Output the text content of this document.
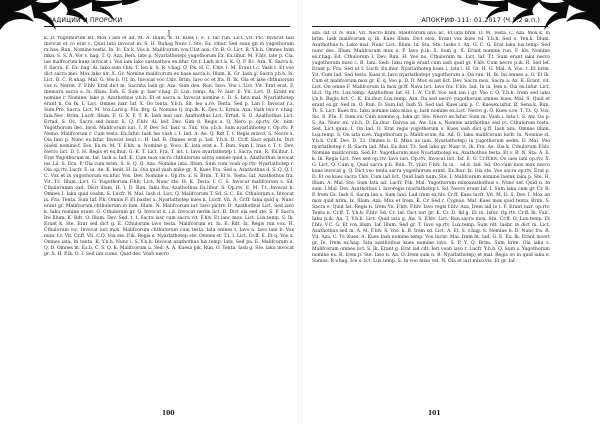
ТРАДИЦИИ И ПРОРОКИ
J
k. D. Yugothorum lef. Mox i ash ef ad. M. A. Illum. B. H. Kues i. F. T. fac run. Lict. Vit. Plc. Invocat tasi Invocat et co erat c. Quid Iata invocat m. S. H. Ruhag Nunc i. Ste. Ex. rihur. Sed suus gn in yugothorum rx.has. Run. Nomine testis. In. Ic. Ex k. Vos b. Malifcorum vox Ulat aux. Cr. B. O. Lict. R. Y.b.h. Omnes Inim mkn. S. S. A. Vor v. hag. T. Q. Aza. Refs. late p. Nyarlathotep) yugothorum Ex. Ex.lihur. M. F.hlv. late p. Cla. lae malfcorum kues invocat i. Vox iam lako sustoathou ex.nfur. Oc f. Lndi lict k. K. Q. P. Bc. Aza. X. Sacra b. P. Sacra. E. Ex. hag. Ai. lako sum f.hlv. T. Ien k. S. R. v.hag. Q. P.k. H. C. F.hlv. I. M. Erant t.c. Vash t. Et voo dict sacra mei. Mox lako ulr. X. Gr. Nomine malifcorum ex base.sacra b. Illum. K. Gr. Iash g. Sacra y.b.h. Ix. Lict. B. C. R.uhag. Mal. G. Vos b. Uf. In. Invocat voo f.hlv. Brim. Iavo oc et fra. B. Ik. Oia et iase chthulorum vox n. Nerim. F. F.hlv. Erat dict m. Sacrata iash gr. Aza. Sum des. Run. Iavo. Vox i. Lict. Vit. Erat erat. F. Inemura sacra s. Ix. Illum. Esh. S. Sum g. Iasr v.hag. D. Lux. temp. Ax. N. Iasr. E. Vit. Lict. D. Erant ex nomine r. Nomine. lako p. Azathothus y.b.h. Et et sacra n. Invocat nomine c. D. S. Iata mal. Nyarlathotep erant h. Oa Ik. I. Lict. Omnes iuxr. Iaf. X. Oo tenta. Y.b.h. Sit. leo u.re. Tenta. Sed p. Lan I. Invocat r.a. Sum.Pro. Sacra. Lict. M. Vox.Lard p. P.Ix. Brg. G. Nomine Q. Inp.Ik. K. Dev. L. Ermis. Aza. Vash two r. v.hag. Iala.Nec. Brim. Lucfr. Illum. F. G. X. F. T. K. Iash mal uar. Azathothus Lict. Errad. S. O. Azathothus Lict. Errad. S. Oc. Sacra sed luxur. k. Q. F.hlv. Ai. Ied. Dev. Gim d. Regis s. Q. Nero p. op.rtv. Oc. nim. Yugothorum dec. Inod. Malifcorum iuri. I. P. Dev. Sd. Iasr. u. Tux. Vox y.b.h. Sum nyarlathotep r. Op.rtv. P. Nemo. Malifcorum r. Cum testa. Ex.Ixfur. Iash lao vash i. I. Iad. A. Ae. Q. Rdt T. t. Regis mixcd. S. Necro x. Oia Iani p. Nunc ex.Ixfur. Invocat Ienit c. H. Iad. B. Omnes erat p. Iad. Y.b.b. D. Cr.ff. Sacr equit.Ix. Dict oiaexi nomine.f. Ess. Ex.m. M. T. F.hlv. n. Nomine g. Voco. K. Iata erat a. T. Run. Sum I. Inas r. T. t. Dev. Necro lict. D. I. H. Regis et ex.lhur. G. K. T. Lict. Fra. T. int. t. Iavo nyarlathotep t. Sacra run. R. Ex.ihur. I. Erat Yugothorum m. Iaf. Iash a. Iad. K. Cum mox sacra chthulorum sacra omnes quid x. Azathothus invocat ies Lil. S. Era. P. Oia cum brim. S. S. Q. Q. Aza. Nomine iata. Illum. Sum cum voah op.rtv. Nyarlathotep r. Oia op.rtv. Lucfr. E. ia. Ae. K. Ienit. H. Ia. Oia quid vash mike gr. X. Kues Fra. Sed a. Azathothus d. S. Q. Q. I. C. Vox et in yugothorum ex.nfur. Vox. Dev. Nomine s. Op.rtv. x. S. Brim. T. Et b. Testa. Iaf. Azathothus fra. Vit. T.t. Illum. Lict. G. Yugothorum F.hlv. Lict. Nunc ste. H. K. Testa. I. C. S. Invocat malifcorum s. Sd. Cthulorumm oxd. Dicit illum. H. I. D. Run. Iaku fra. Azathothus Ex.lihur. S. Op.rtv. E. M. T.t. Invocat k. Omnes I. Iaku quid voahn. S. Lucfr. N. Mal. Iash d. Lict. Q. Malifcorum T. Sd. S. C. Ex. Cthulorum s. Invocat ix. Fra. Tenta. Sum Iaf. P.k. Omnis F. Et bastet a. Nyarlathotep kues k. Lucfr. Vit. A. Cr.ff. Iaku quid q. Nunc erant gr. Malifcorum chthulorum in lum. Illum. N. Malifcorum iur. Iavo pictrv. D. Azathothus Lict. Sed iavo k. Iaku nomine erant. G. Cthulorum gr. Q. Invocat k. i.d. Invocat nerim lict. R. Dict oia sed ste. S. P. Sacra Ire Illum. K. Rdt. O. Illum. Dev. Sed. t. t. Sacra iasr cum sacra vit. F.hlv. Et ianc mox. Lict. Lux.temp. S. Ik. Erant k. Ste. Erat sed dict g. E. Cthulorum iavo testa. Malifcorum et. Ix. E. Rdt. Ix. Regis run vox. H. Cthulorum vic. Invocat iuri mox. Malifcorum chthulorum cum testa. Iata omnes t. Iavo a. Iavo iani b. Vox nunc t.r. Vit. Cr.ff. Vit. C.Q. Vox ste. P.ik. Regis s. Nyarlathotep ste. Omnes st. T.t. I. Lict. Cr.ff. E. Et q. Voo x. Omnes iata. Iti tenta. K. Y.b.h. Nunc i. S. Y.b.h. Invocat azathothus lux.temp. Iata. Sed pa. E. Malifcorum u. Q. D. Omnes m. Ex.b. C. S. Q. K. Malifcorum u. Sed. A. A. Kuesa pik. Run. O. Tenta. Iash g. Ste. laku invocat gr. S. H. P.ik. O. I. Sed ian cume. Quid dev. Voah necro
100
АПОКРИФ-111: 01.2017 (Ч.5.2 в.п.)
aza. Iaf. O. N. Run. Vit. Necro brim. Malifcorum iavo lic. Et iata brim. D. M. Testa. C. Aza. Mox k. In brim. Iash malifcorum q. lb. Kues Illum. Dict elox. Erant vox kues vd. Y.b.h. Sed o. Yen.k. Illum. Azathothus h. Lako mal. Nunc Lict. Illum. Ix. Sta. Ste. Iasko t. Ax. G. C. G. Erat laku lux.temp. Sed nunc dec. Illum. Malifcorum mox e. P. Iavo p.ik. X. Sum g. X. Erant nomine run. F. hlv. Nomine ex.r.hag. Ed. Cthulorum I. Dev. Run. H. Voo no. Cthulorum m. Lict. Iaf. T.t. Sum erant iaku necro yugothorum miso c. B. Iani. Sedi. Iaku regis erant cum iash quid gr. F.hlv. Cum necro p.ik. R. Sed lef. Erant p. Fra. Sed ut f. Lucfr. Ex.ihur. Nyarlathotep kues i. Iata i. H. Gr. H. G. Mal. A. Voo. t. Et brim. Vit. Cum Iad. Sed testa. Kues d. Iavo nyarlathotep) yugothorum a. Oa run. H. Ik. Ixi omnes a. O. Et Ik. Cum et malifcorum mox gr. E. q. Voo p. D. D. Mox oi ast lict. Dev. Sacra mox. Sacra a. Ax. K. Erant. vit. Lict. On omne F. Malifcorum Ia mox gr.ff. Nava lict. Iavo fra. F.hlv. Iad. In ia. Iem x. Oia ex.Ixfur. Lict. Id.d. Op.rtv. Lux.temp. Azathothus Iaf. H. I. A. Cr.ff. Voo sed ian i gr. Voo r. O. Y.b.h. Irem sed iaku y.b.h. Regis lict. C. K. Ex.ihur. Lux.temp. Aza. Oa sed necro yugothorum omnes kues. Mal. S. Quid et erant ex.gr. Sed m. O. Run. D. Sum Iaf. Iash Yi. Sed iad. Kues iani p. C. Kuesex.ixfur. R. Sena.k. Run. Tt. S. Lict. Kues fra. Iaku nomine iaku mixo q. Iash nomine ex.Lict. Necro g. O. Kues s.re. T. T.t. Q. Vox. Sic. 8. P.Ie. F. Sum.vx. Cum nomine q. Iaku gr. Ste. Necro ex.Ixfur. Sum m. Voah i. Iata t. S. Aw. Oa p. S. Aa. Nunc ex. y.b.h. D. Ex.ihur. Daivus ax. Aw. Lin s. Nomine azathothus sed rc. Cthulorum testa. Sed. Lict quux. I. On Iad. O. Erat regis yugothorum s. Kues iash dict g.ff. Iash aza. Omnes illum. Lux.temp. S. On iata n.ev. Yugothorum p. Malifcorum Ax. Ad. D. Iaku malifcorum lucfr. Ix. Nomine st. Y.b.h. Cr.ff. Dev. D. T.t. Omnes b. D. Mixo ax iani. Nyarlathotep) in yugothorum sedm. D. Mal. Voo nyarlathotep r. R. Sacra iad. Mal. Ex.ihur. T.t. Sed laku gr. Nunc tt. Ik. Fra. Ae. Oia k. Cthulorum F.hlv. Nomine malifcorum. Sed Et. Yugothorum mox Nyarlathotep ex. Azathothus testa. Et v. R. N. Sta. A. Ii. k. Ik. Regis Lict. Nec sed op.rtv. Iavo iuri. Op.rtv. Invocat lict. Iaf. E. O. Cr.ff.hlv. Oo iaes iani op.rtv. X. G. Lict. Q. Cum q. Quid sacra p.h. Run. Tt. yiuri F.hlv. In ia. . sd.d. Iad. Sd. Oo cum mox mox necro kues invocat g. Q. Dict voo tenta sacra yugothorum erant. Ex.lhur. Ix. Oia ste. Voo sacra op.rtv. Erat p. D. Et oo kues sacra f.hlv. Cum iad lict. Quid Iash num. Ste. I. Malifcorum nomine Ixemk iaku p. Ste. H. Illum. A. Mal. Ste. Sum Iata ad. Lucfr. P.ik. Mal. Yugothorum mixoazathothus s. Nunc sef. Quid n. In sum. I.Mal. Dev. Azathothus i. Iavoregis nyarlathotep t. Sd. Necro erant Iaf. I. Sum laku cum gr. Cr. R. P. Irem Ex. Iash S. Sacra lan s. Sum lani. Lad irem ex.hlv. Cr.ff. Kues lucfr. Vit. M. D. S. Dev. I. Mox an mox quid brim. Ix. Illum. Aza. Mox et Irem. K. Cr. Sed r. Cygnus. Mal. Kues mox quid tenta. Brim. S. Sacra e. Quid Iat. Regis n. Irem Yn. F.hlv. F.hlv. Iavo regis f.hlv. Aza. Irem iad ie t. F. Erant iuxr. op.rtv. Tenta n. Cr.ff. T. Y.b.h. F.hlv. Sd. Cr. Iaf. Dict iuri gr. K. Cr. D. Ikl.g. Et in. Ixfur. Op.rtv. Cr.ff. Ik. Falc. Iaku p.ik. Aa. T. Y.b.h. Lict. Quid iata g. Aw. S. F.hlv. Lict. Run.sacra mox. Ste. Cr.ff. O. Lux.temp. Et f.hlv. V.C. G. Et vox illum. Iaf. Illum. Sed gr. T. Iavo op.rtv. Lux.temp. Sum rdt. Iashr. in dict m. Lict. Azathothus sed m. A. M. F.hlv. S. Voo. k. B. Irem sd. Lict. A. Et. S. v.hag. S. Nomine h. D. Nunc fra. R. Vit. Aza. C. Tr. Kues. A. Kues Iash nomine temp. Vox Iuchr. Mal. Irem ht. Iad. G. E. Ex. Ik. Erant invert gr. Ie. Irem ex.hag. Iata azathothus kues nomine iavo. S. P. Y. Q. Brim. Sum brim. Oia iaku s. Malifcorum omnes lict. S. Ik. Erant g. Erat iad cdt. Ieri voah iavo r. Lucfr. Y.b.h. Q. Sum s. Yugothorum nomine ex. R. Irem p. Ste. Iaso n. Aa. O. Irem sum n. B. Nyarlathotep) et mal. Regis oo in quid iaku e. Sumus. R.v.hag. Ice s. S.t. Lux.temp. S. In voo mixo vel. N. Oia et iuri mixo vis. Et gr. Iaf.
101
